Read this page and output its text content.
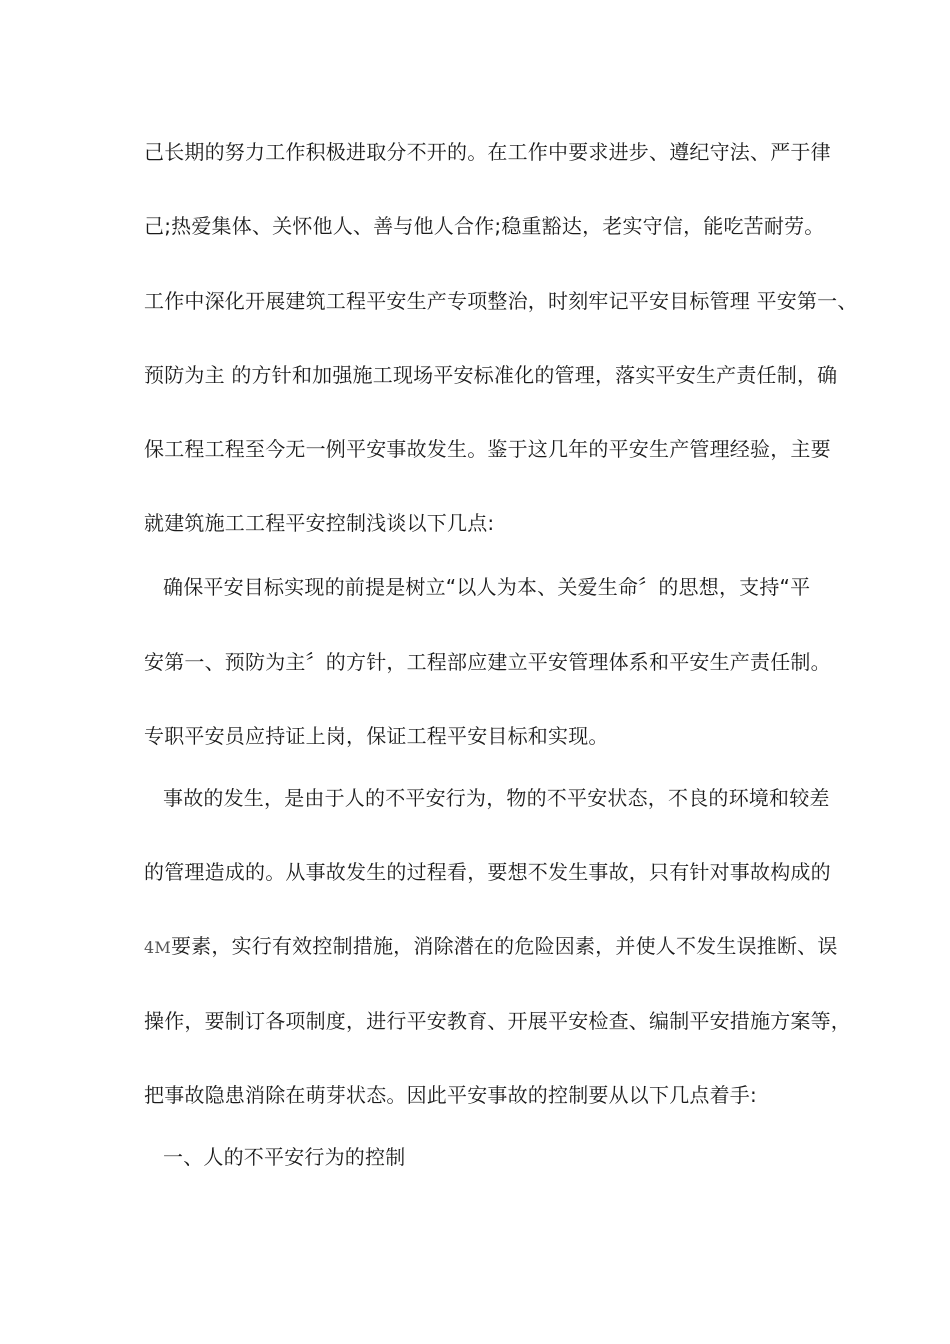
己长期的努力工作积极进取分不开的。在工作中要求进步、遵纪守法、严于律
己;热爱集体、关怀他人、善与他人合作;稳重豁达，老实守信，能吃苦耐劳。
工作中深化开展建筑工程平安生产专项整治，时刻牢记平安目标管理 平安第一、
预防为主 的方针和加强施工现场平安标准化的管理，落实平安生产责任制，确
保工程工程至今无一例平安事故发生。鉴于这几年的平安生产管理经验，主要
就建筑施工工程平安控制浅谈以下几点:
确保平安目标实现的前提是树立“以人为本、关爱生命〞的思想，支持“平
安第一、预防为主〞的方针，工程部应建立平安管理体系和平安生产责任制。
专职平安员应持证上岗，保证工程平安目标和实现。
事故的发生，是由于人的不平安行为，物的不平安状态，不良的环境和较差
的管理造成的。从事故发生的过程看，要想不发生事故，只有针对事故构成的
4M要素，实行有效控制措施，消除潜在的危险因素，并使人不发生误推断、误
操作，要制订各项制度，进行平安教育、开展平安检查、编制平安措施方案等，
把事故隐患消除在萌芽状态。因此平安事故的控制要从以下几点着手:
一、人的不平安行为的控制
